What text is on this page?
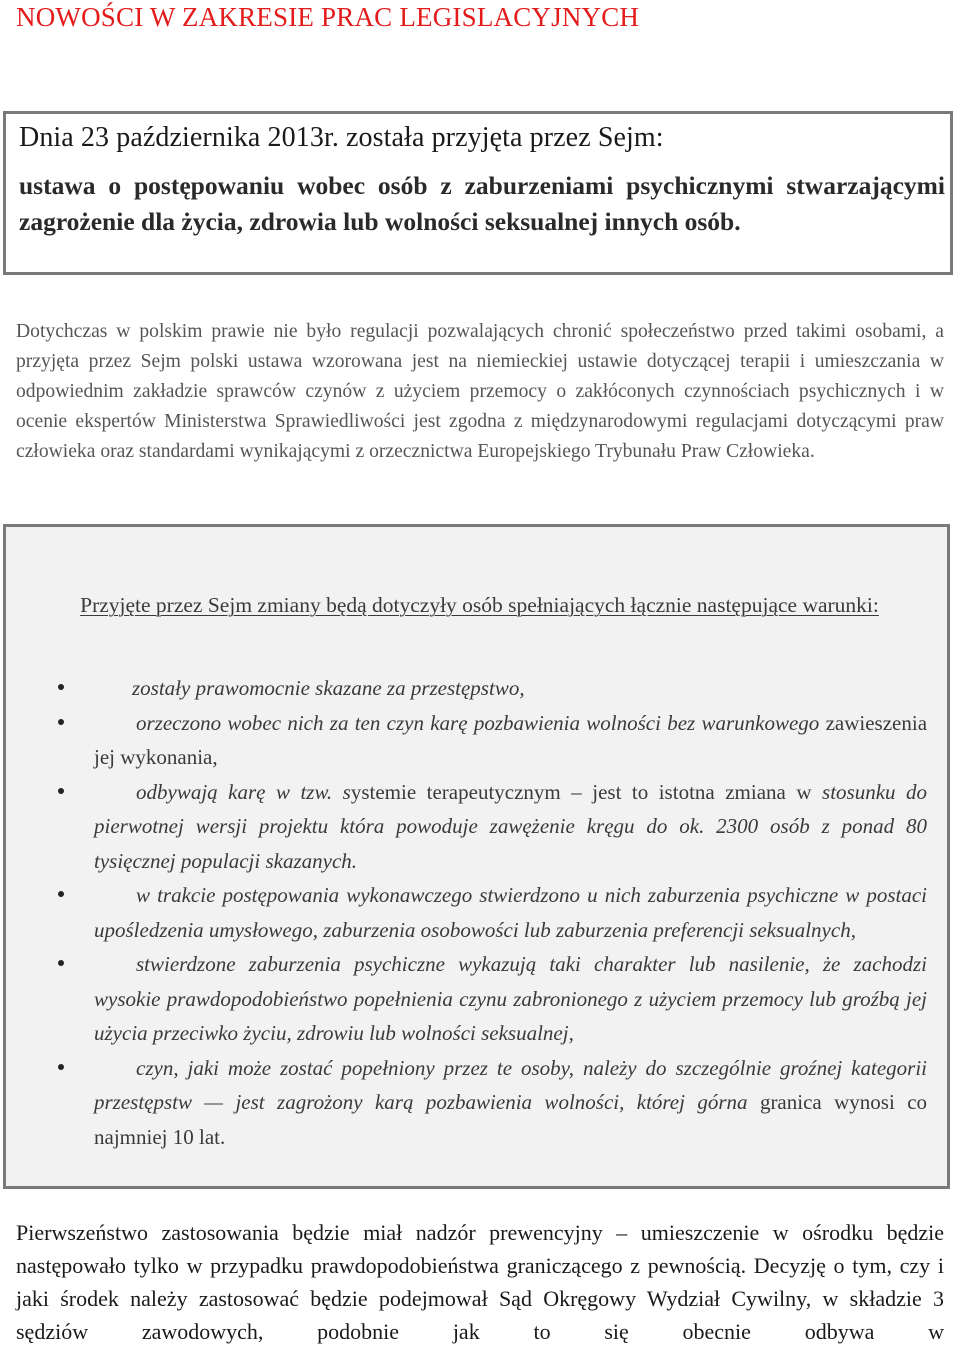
NOWOŚCI W ZAKRESIE PRAC LEGISLACYJNYCH
Dnia 23 października 2013r. została przyjęta przez Sejm:
ustawa o postępowaniu wobec osób z zaburzeniami psychicznymi stwarzającymi zagrożenie dla życia, zdrowia lub wolności seksualnej innych osób.

Dotychczas w polskim prawie nie było regulacji pozwalających chronić społeczeństwo przed takimi osobami, a przyjęta przez Sejm polski ustawa wzorowana jest na niemieckiej ustawie dotyczącej terapii i umieszczania w odpowiednim zakładzie sprawców czynów z użyciem przemocy o zakłóconych czynnościach psychicznych i w ocenie ekspertów Ministerstwa Sprawiedliwości jest zgodna z międzynarodowymi regulacjami dotyczącymi praw człowieka oraz standardami wynikającymi z orzecznictwa Europejskiego Trybunału Praw Człowieka.

Przyjęte przez Sejm zmiany będą dotyczyły osób spełniających łącznie następujące warunki:

zostały prawomocnie skazane za przestępstwo,
orzeczono wobec nich za ten czyn karę pozbawienia wolności bez warunkowego zawieszenia jej wykonania,
odbywają karę w tzw. systemie terapeutycznym – jest to istotna zmiana w stosunku do pierwotnej wersji projektu która powoduje zawężenie kręgu do ok. 2300 osób z ponad 80 tysięcznej populacji skazanych.
w trakcie postępowania wykonawczego stwierdzono u nich zaburzenia psychiczne w postaci upośledzenia umysłowego, zaburzenia osobowości lub zaburzenia preferencji seksualnych,
stwierdzone zaburzenia psychiczne wykazują taki charakter lub nasilenie, że zachodzi wysokie prawdopodobieństwo popełnienia czynu zabronionego z użyciem przemocy lub groźbą jej użycia przeciwko życiu, zdrowiu lub wolności seksualnej,
czyn, jaki może zostać popełniony przez te osoby, należy do szczególnie groźnej kategorii przestępstw — jest zagrożony karą pozbawienia wolności, której górna granica wynosi co najmniej 10 lat.

Pierwszeństwo zastosowania będzie miał nadzór prewencyjny – umieszczenie w ośrodku będzie następowało tylko w przypadku prawdopodobieństwa graniczącego z pewnością. Decyzję o tym, czy i jaki środek należy zastosować będzie podejmował Sąd Okręgowy Wydział Cywilny, w składzie 3 sędziów zawodowych, podobnie jak to się obecnie odbywa w
